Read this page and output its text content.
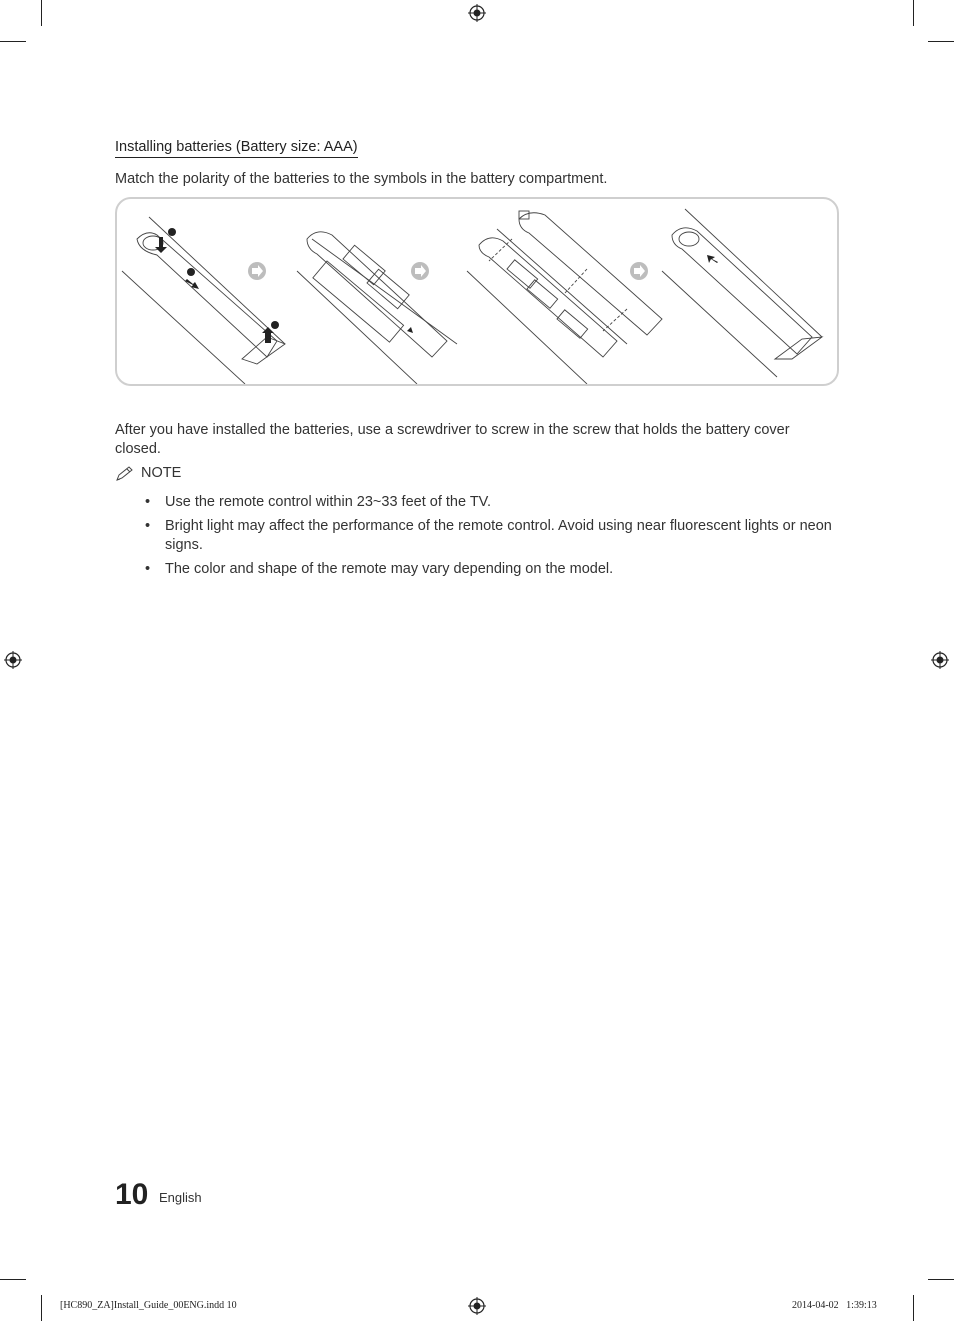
Installing batteries (Battery size: AAA)
Match the polarity of the batteries to the symbols in the battery compartment.
After you have installed the batteries, use a screwdriver to screw in the screw that holds the battery cover closed.
NOTE
• Use the remote control within 23~33 feet of the TV.
• Bright light may affect the performance of the remote control. Avoid using near fluorescent lights or neon signs.
• The color and shape of the remote may vary depending on the model.
10 English
[HC890_ZA]Install_Guide_00ENG.indd 10	2014-04-02   1:39:13
